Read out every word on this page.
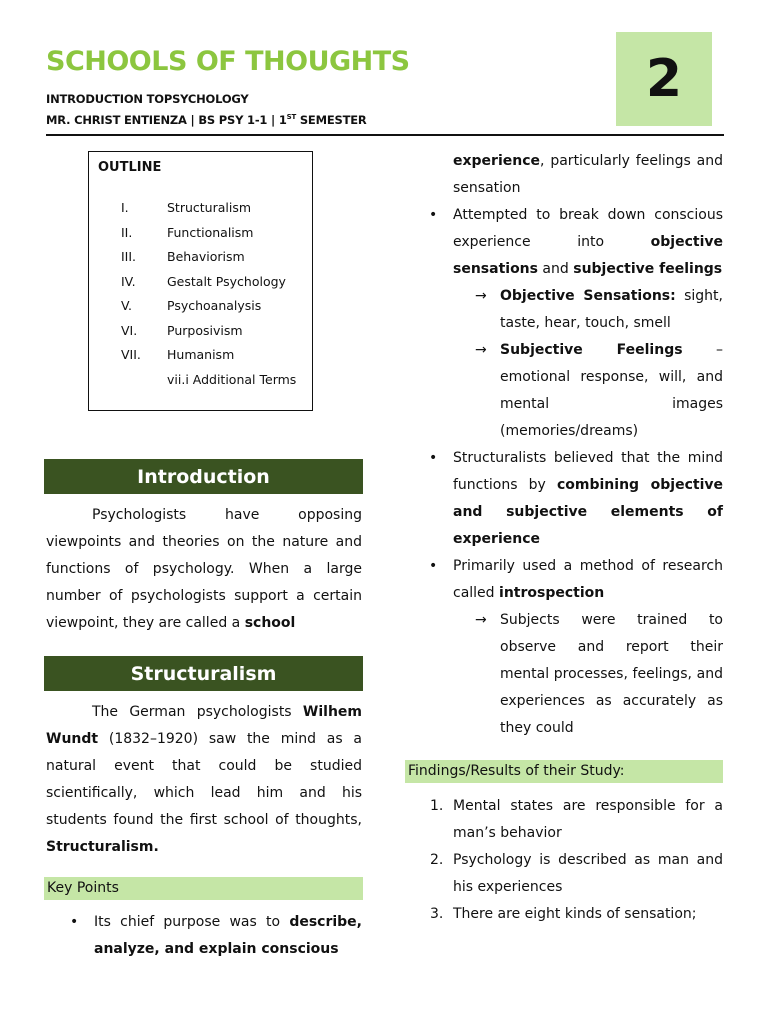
SCHOOLS OF THOUGHTS
INTRODUCTION TOPSYCHOLOGY
MR. CHRIST ENTIENZA | BS PSY 1-1 | 1ST SEMESTER
2
OUTLINE
I.	Structuralism
II.	Functionalism
III. Behaviorism
IV.	Gestalt Psychology
V.	Psychoanalysis
VI. Purposivism
VII. Humanism
vii.i Additional Terms
Introduction

Psychologists have opposing viewpoints and theories on the nature and functions of psychology. When a large number of psychologists support a certain viewpoint, they are called a school

Structuralism

The German psychologists Wilhem Wundt (1832–1920) saw the mind as a natural event that could be studied scientifically, which lead him and his students found the first school of thoughts, Structuralism.

Key Points
• Its chief purpose was to describe, analyze, and explain conscious
experience, particularly feelings and sensation
• Attempted to break down conscious experience into objective sensations and subjective feelings
→ Objective Sensations: sight, taste, hear, touch, smell
→ Subjective Feelings – emotional response, will, and mental images (memories/dreams)
• Structuralists believed that the mind functions by combining objective and subjective elements of experience
• Primarily used a method of research called introspection
→ Subjects were trained to observe and report their mental processes, feelings, and experiences as accurately as they could
Findings/Results of their Study:
1. Mental states are responsible for a man’s behavior
2. Psychology is described as man and his experiences
3. There are eight kinds of sensation;
